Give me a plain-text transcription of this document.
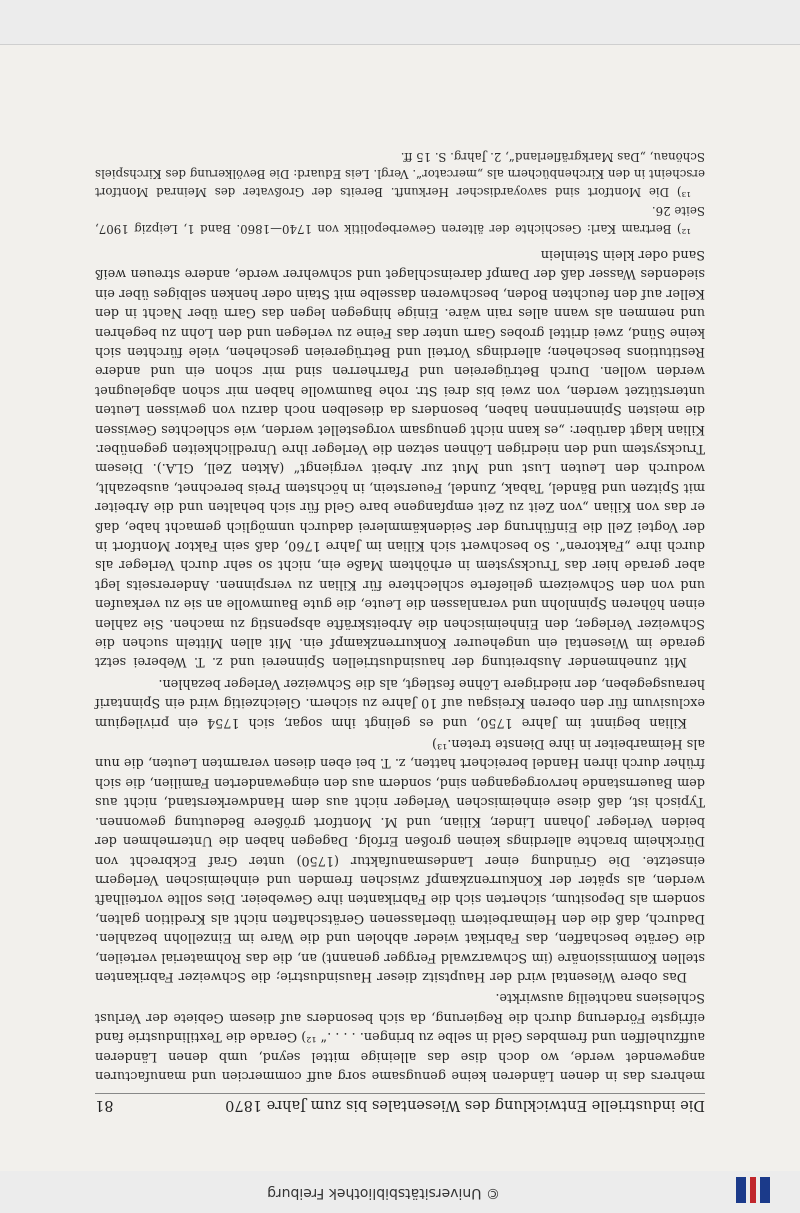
© Universitätsbibliothek Freiburg
Die industrielle Entwicklung des Wiesentales bis zum Jahre 1870
81

mehrers das in denen Länderen keine genugsame sorg auff commercien und manufacturen angewendet werde, wo doch dise das alleinige mittel seynd, umb denen Länderen auffzuhelffen und frembdes Geld in selbe zu bringen. . . . .“ ¹²) Gerade die Textilindustrie fand eifrigste Förderung durch die Regierung, da sich besonders auf diesem Gebiete der Verlust Schlesiens nachteilig auswirkte.

Das obere Wiesental wird der Hauptsitz dieser Hausindustrie; die Schweizer Fabrikanten stellen Kommissionäre (im Schwarzwald Fergger genannt) an, die das Rohmaterial verteilen, die Geräte beschaffen, das Fabrikat wieder abholen und die Ware im Einzellohn bezahlen. Dadurch, daß die den Heimarbeitern überlassenen Gerätschaften nicht als Kredition galten, sondern als Depositum, sicherten sich die Fabrikanten ihre Gewebeier. Dies sollte vorteilhaft werden, als später der Konkurrenzkampf zwischen fremden und einheimischen Verlegern einsetzte. Die Gründung einer Landesmanufaktur (1750) unter Graf Eckbrecht von Dürckheim brachte allerdings keinen großen Erfolg. Dagegen haben die Unternehmen der beiden Verleger Johann Linder, Kilian, und M. Montfort größere Bedeutung gewonnen. Typisch ist, daß diese einheimischen Verleger nicht aus dem Handwerkerstand, nicht aus dem Bauernstande hervorgegangen sind, sondern aus den eingewanderten Familien, die sich früher durch ihren Handel bereichert hatten, z. T. bei eben diesen verarmten Leuten, die nun als Heimarbeiter in ihre Dienste treten.¹³)

Kilian beginnt im Jahre 1750, und es gelingt ihm sogar, sich 1754 ein privilegium exclusivum für den oberen Kreisgau auf 10 Jahre zu sichern. Gleichzeitig wird ein Spinntarif herausgegeben, der niedrigere Löhne festlegt, als die Schweizer Verleger bezahlen.

Mit zunehmender Ausbreitung der hausindustriellen Spinnerei und z. T. Weberei setzt gerade im Wiesental ein ungeheurer Konkurrenzkampf ein. Mit allen Mitteln suchen die Schweizer Verleger, den Einheimischen die Arbeitskräfte abspenstig zu machen. Sie zahlen einen höheren Spinnlohn und veranlassen die Leute, die gute Baumwolle an sie zu verkaufen und von den Schweizern gelieferte schlechtere für Kilian zu verspinnen. Andererseits legt aber gerade hier das Trucksystem in erhöhtem Maße ein, nicht so sehr durch Verleger als durch ihre „Faktoren“. So beschwert sich Kilian im Jahre 1760, daß sein Faktor Montfort in der Vogtei Zell die Einführung der Seidenkämmlerei dadurch unmöglich gemacht habe, daß er das von Kilian „von Zeit zu Zeit empfangene bare Geld für sich behalten und die Arbeiter mit Spitzen und Bändel, Tabak, Zundel, Feuerstein, in höchstem Preis berechnet, ausbezahlt, wodurch den Leuten Lust und Mut zur Arbeit vergiengt“ (Akten Zell, GLA.). Diesem Trucksystem und den niedrigen Löhnen setzen die Verleger ihre Unredlichkeiten gegenüber. Kilian klagt darüber: „es kann nicht genugsam vorgestellet werden, wie schlechtes Gewissen die meisten Spinnerinnen haben, besonders da dieselben noch darzu von gewissen Leuten unterstützet werden, von zwei bis drei Str. rohe Baumwolle haben mir schon abgeleugnet werden wollen. Durch Betrügereien und Pfarrherren sind mir schon ein und andere Restitutions beschehen; allerdings Vorteil und Betrügereien geschehen, viele fürchten sich keine Sünd, zwei drittel grobes Garn unter das Feine zu verlegen und den Lohn zu begehren und nemmen als wann alles rain wäre. Einige hingegen legen das Garn über Nacht in den Keller auf den feuchten Boden, beschweren dasselbe mit Stain oder henken selbiges über ein siedendes Wasser daß der Dampf dareinschlaget und schwehrer werde, andere streuen weiß Sand oder klein Steinlein

¹²) Bertram Karl: Geschichte der älteren Gewerbepolitik von 1740—1860. Band 1, Leipzig 1907, Seite 26.

¹³) Die Montfort sind savoyardischer Herkunft. Bereits der Großvater des Meinrad Montfort erscheint in den Kirchenbüchern als „mercator“. Vergl. Leis Eduard: Die Bevölkerung des Kirchspiels Schönau, „Das Markgräflerland“, 2. Jahrg. S. 15 ff.
